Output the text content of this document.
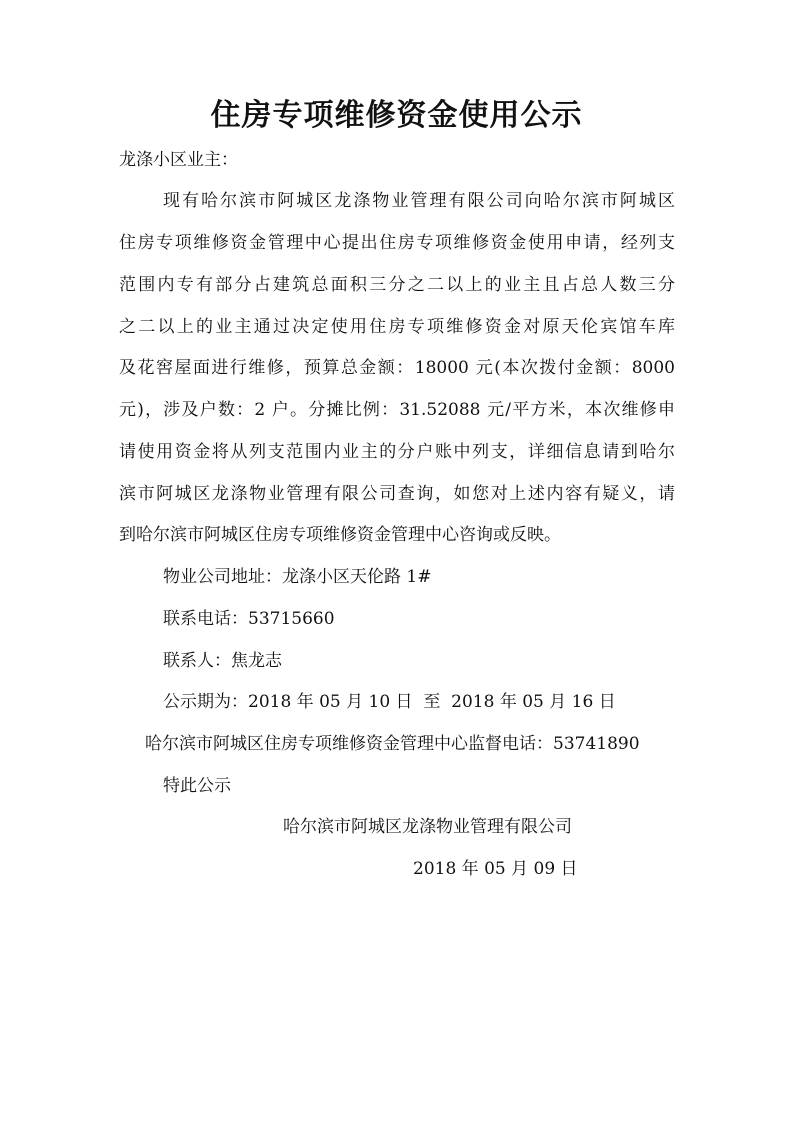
住房专项维修资金使用公示
龙涤小区业主：
现有哈尔滨市阿城区龙涤物业管理有限公司向哈尔滨市阿城区
住房专项维修资金管理中心提出住房专项维修资金使用申请，经列支
范围内专有部分占建筑总面积三分之二以上的业主且占总人数三分
之二以上的业主通过决定使用住房专项维修资金对原天伦宾馆车库
及花窖屋面进行维修，预算总金额：18000 元(本次拨付金额：8000
元)，涉及户数：2 户。分摊比例：31.52088 元/平方米，本次维修申
请使用资金将从列支范围内业主的分户账中列支，详细信息请到哈尔
滨市阿城区龙涤物业管理有限公司查询，如您对上述内容有疑义，请
到哈尔滨市阿城区住房专项维修资金管理中心咨询或反映。
物业公司地址：龙涤小区天伦路 1#
联系电话：53715660
联系人：焦龙志
公示期为：2018 年 05 月 10 日  至  2018 年 05 月 16 日
哈尔滨市阿城区住房专项维修资金管理中心监督电话：53741890
特此公示
哈尔滨市阿城区龙涤物业管理有限公司
2018 年 05 月 09 日
